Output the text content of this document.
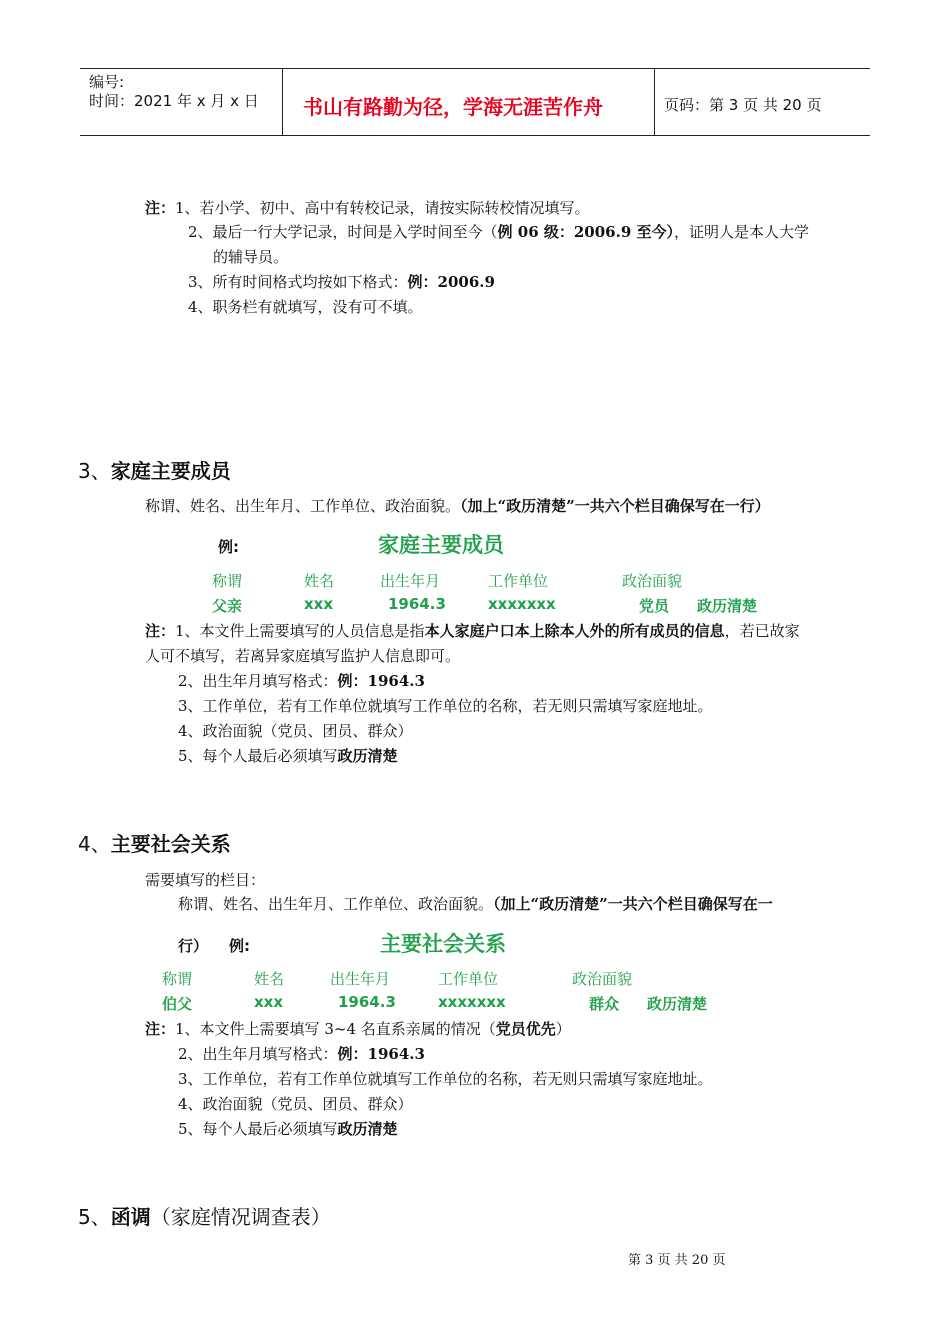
编号:
时间：2021 年 x 月 x 日 书山有路勤为径，学海无涯苦作舟	页码：第 3 页 共 20 页
注：1、若小学、初中、高中有转校记录，请按实际转校情况填写。
2、最后一行大学记录，时间是入学时间至今（例 06 级：2006.9 至今），证明人是本人大学
的辅导员。
3、所有时间格式均按如下格式：例：2006.9
4、职务栏有就填写，没有可不填。
3、家庭主要成员
称谓、姓名、出生年月、工作单位、政治面貌。（加上“政历清楚”一共六个栏目确保写在一行）
例:	家庭主要成员
称谓	姓名	出生年月	工作单位	政治面貌
父亲	xxx	1964.3	xxxxxxx	党员 政历清楚
注：1、本文件上需要填写的人员信息是指本人家庭户口本上除本人外的所有成员的信息，若已故家
人可不填写，若离异家庭填写监护人信息即可。
2、出生年月填写格式：例：1964.3
3、工作单位，若有工作单位就填写工作单位的名称，若无则只需填写家庭地址。
4、政治面貌（党员、团员、群众）
5、每个人最后必须填写政历清楚
4、主要社会关系
需要填写的栏目：
称谓、姓名、出生年月、工作单位、政治面貌。（加上“政历清楚”一共六个栏目确保写在一
行） 例:	主要社会关系
称谓	姓名	出生年月	工作单位	政治面貌
伯父	xxx	1964.3	xxxxxxx	群众 政历清楚
注：1、本文件上需要填写 3~4 名直系亲属的情况（党员优先）
2、出生年月填写格式：例：1964.3
3、工作单位，若有工作单位就填写工作单位的名称，若无则只需填写家庭地址。
4、政治面貌（党员、团员、群众）
5、每个人最后必须填写政历清楚
5、函调（家庭情况调查表）
第 3 页 共 20 页
